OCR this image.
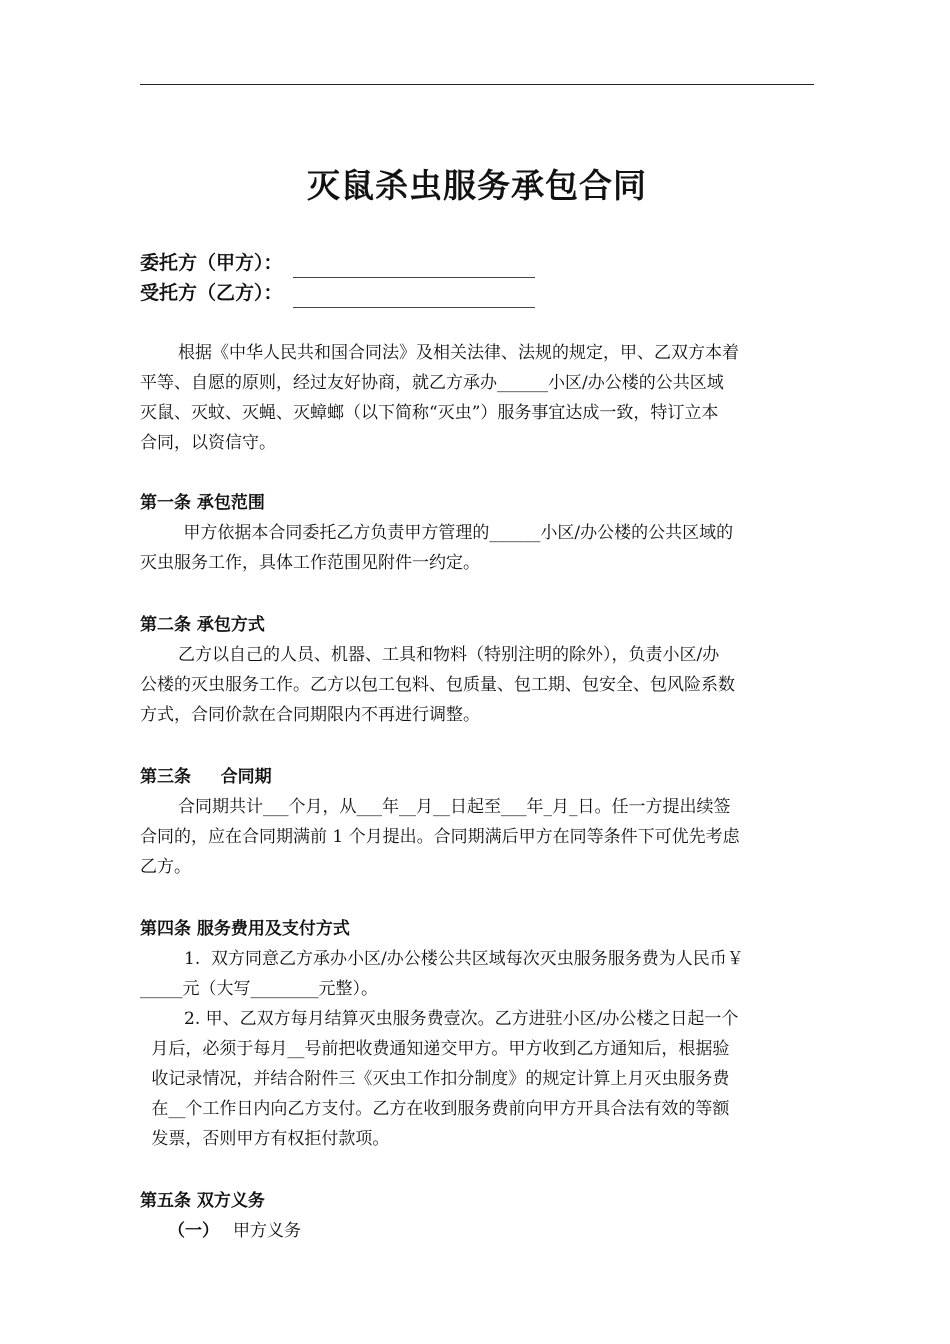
灭鼠杀虫服务承包合同
委托方（甲方）：
受托方（乙方）：
根据《中华人民共和国合同法》及相关法律、法规的规定，甲、乙双方本着
平等、自愿的原则，经过友好协商，就乙方承办______小区/办公楼的公共区域
灭鼠、灭蚊、灭蝇、灭蟑螂（以下简称“灭虫”）服务事宜达成一致，特订立本
合同，以资信守。
第一条 承包范围
甲方依据本合同委托乙方负责甲方管理的______小区/办公楼的公共区域的
灭虫服务工作，具体工作范围见附件一约定。
第二条 承包方式
乙方以自己的人员、机器、工具和物料（特别注明的除外），负责小区/办
公楼的灭虫服务工作。乙方以包工包料、包质量、包工期、包安全、包风险系数
方式，合同价款在合同期限内不再进行调整。
第三条     合同期
合同期共计___个月，从___年__月__日起至___年_月_日。任一方提出续签
合同的，应在合同期满前 1 个月提出。合同期满后甲方在同等条件下可优先考虑
乙方。
第四条 服务费用及支付方式
1.  双方同意乙方承办小区/办公楼公共区域每次灭虫服务服务费为人民币￥
_____元（大写________元整）。
2. 甲、乙双方每月结算灭虫服务费壹次。乙方进驻小区/办公楼之日起一个
月后，必须于每月__号前把收费通知递交甲方。甲方收到乙方通知后，根据验
收记录情况，并结合附件三《灭虫工作扣分制度》的规定计算上月灭虫服务费
在__个工作日内向乙方支付。乙方在收到服务费前向甲方开具合法有效的等额
发票，否则甲方有权拒付款项。
第五条 双方义务
（一） 甲方义务
